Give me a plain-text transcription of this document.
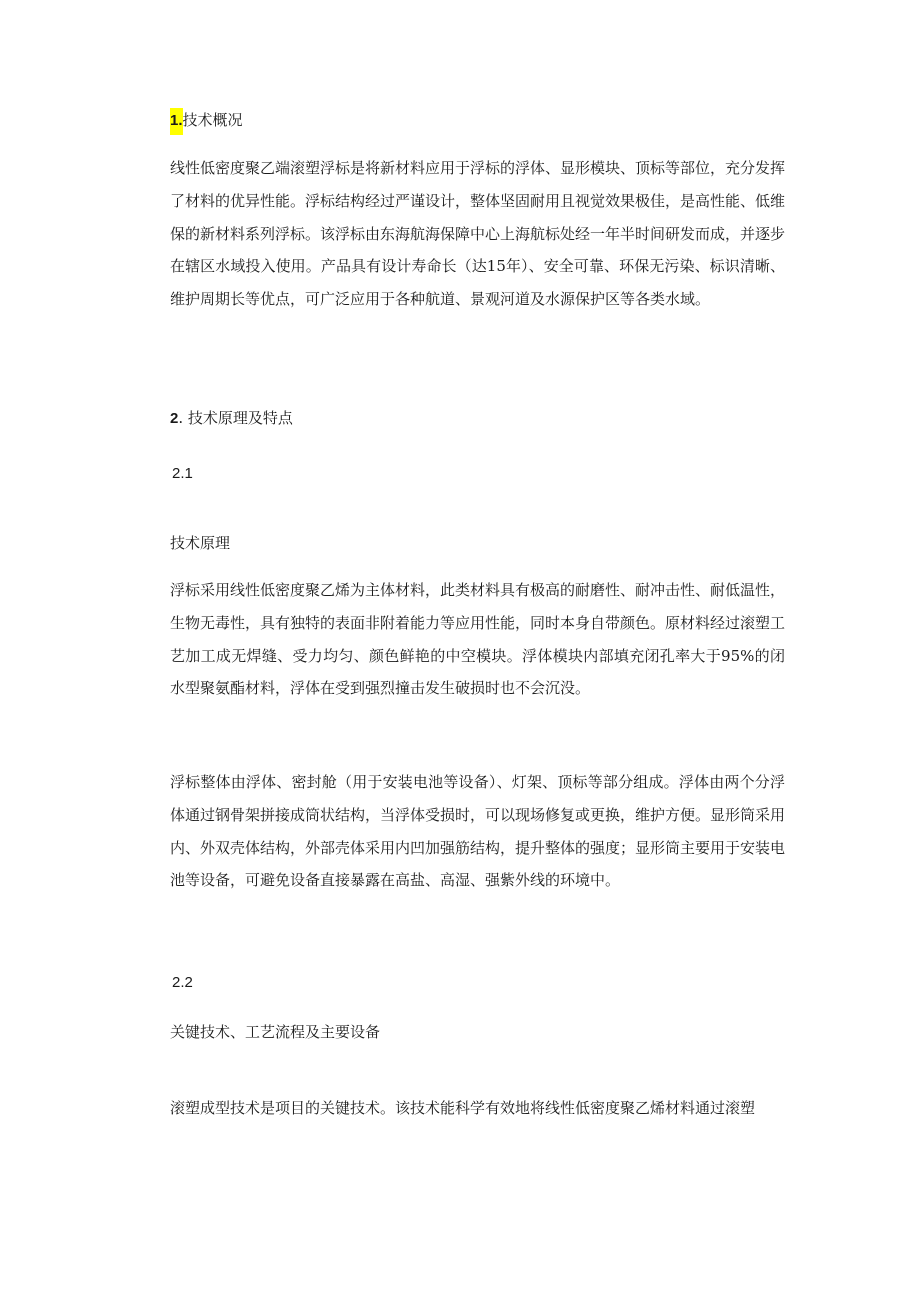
1.技术概况
线性低密度聚乙端滚塑浮标是将新材料应用于浮标的浮体、显形模块、顶标等部位，充分发挥了材料的优异性能。浮标结构经过严谨设计，整体坚固耐用且视觉效果极佳，是高性能、低维保的新材料系列浮标。该浮标由东海航海保障中心上海航标处经一年半时间研发而成，并逐步在辖区水域投入使用。产品具有设计寿命长（达15年）、安全可靠、环保无污染、标识清晰、维护周期长等优点，可广泛应用于各种航道、景观河道及水源保护区等各类水域。
2. 技术原理及特点
2.1
技术原理
浮标采用线性低密度聚乙烯为主体材料，此类材料具有极高的耐磨性、耐冲击性、耐低温性，生物无毒性，具有独特的表面非附着能力等应用性能，同时本身自带颜色。原材料经过滚塑工艺加工成无焊缝、受力均匀、颜色鲜艳的中空模块。浮体模块内部填充闭孔率大于95%的闭水型聚氨酯材料，浮体在受到强烈撞击发生破损时也不会沉没。
浮标整体由浮体、密封舱（用于安装电池等设备）、灯架、顶标等部分组成。浮体由两个分浮体通过钢骨架拼接成筒状结构，当浮体受损时，可以现场修复或更换，维护方便。显形筒采用内、外双壳体结构，外部壳体采用内凹加强筋结构，提升整体的强度；显形筒主要用于安装电池等设备，可避免设备直接暴露在高盐、高湿、强紫外线的环境中。
2.2
关键技术、工艺流程及主要设备
滚塑成型技术是项目的关键技术。该技术能科学有效地将线性低密度聚乙烯材料通过滚塑
